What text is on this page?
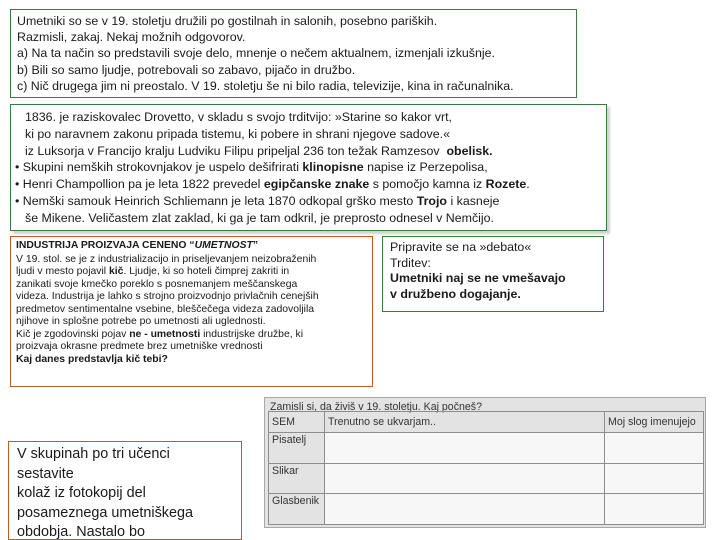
Umetniki so se v 19. stoletju družili po gostilnah in salonih, posebno pariških.
Razmisli, zakaj. Nekaj možnih odgovorov.
a) Na ta način so predstavili svoje delo, mnenje o nečem aktualnem, izmenjali izkušnje.
b) Bili so samo ljudje, potrebovali so zabavo, pijačo in družbo.
c) Nič drugega jim ni preostalo. V 19. stoletju še ni bilo radia, televizije, kina in računalnika.
1836. je raziskovalec Drovetto, v skladu s svojo trditvijo: »Starine so kakor vrt,
ki po naravnem zakonu pripada tistemu, ki pobere in shrani njegove sadove.«
iz Luksorja v Francijo kralju Ludviku Filipu pripeljal 236 ton težak Ramzesov obelisk.
• Skupini nemških strokovnjakov je uspelo dešifrirati klinopisne napise iz Perzepolisa,
• Henri Champollion pa je leta 1822 prevedel egipčanske znake s pomočjo kamna iz Rozete.
• Nemški samouk Heinrich Schliemann je leta 1870 odkopal grško mesto Trojo i kasneje
še Mikene. Veličastem zlat zaklad, ki ga je tam odkril, je preprosto odnesel v Nemčijo.
INDUSTRIJA PROIZVAJA CENENO “UMETNOST”
V 19. stol. se je z industrializacijo in priseljevanjem neizobraženih
ljudi v mesto pojavil kič. Ljudje, ki so hoteli čimprej zakriti in
zanikati svoje kmečko poreklo s posnemanjem meščanskega
videza. Industrija je lahko s strojno proizvodnjo privlačnih cenejših
predmetov sentimentalne vsebine, bleščečega videza zadovoljila
njihove in splošne potrebe po umetnosti ali uglednosti.
Kič je zgodovinski pojav ne - umetnosti industrijske družbe, ki
proizvaja okrasne predmete brez umetniške vrednosti
Kaj danes predstavlja kič tebi?
Pripravite se na »debato«
Trditev:
Umetniki naj se ne vmešavajo
v družbeno dogajanje.
Zamisli si, da živiš v 19. stoletju. Kaj počneš?
SEM	Trenutno se ukvarjam..	Moj slog imenujejo
Pisatelj		
Slikar		
Glasbenik		
V skupinah po tri učenci
sestavite
kolaž iz fotokopij del
posameznega umetniškega
obdobja. Nastalo bo
